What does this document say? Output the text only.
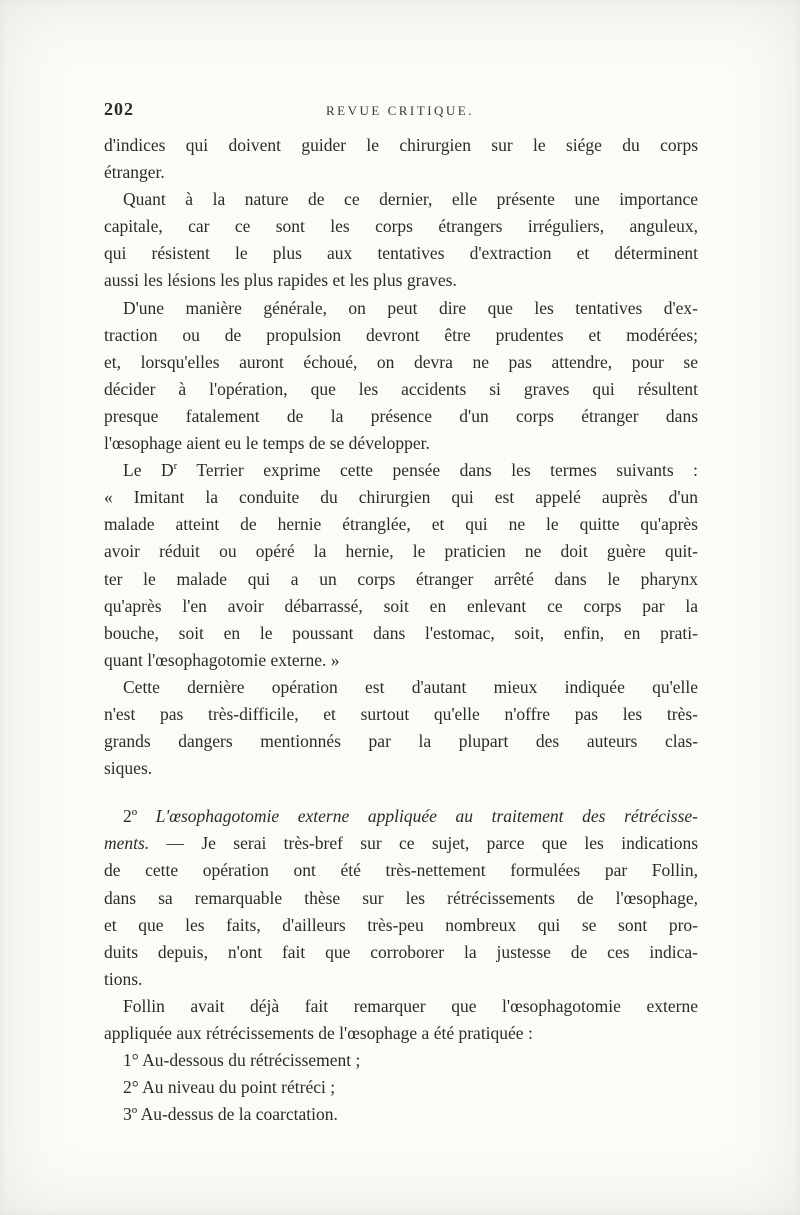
202	REVUE CRITIQUE.
d'indices qui doivent guider le chirurgien sur le siége du corps
étranger.
Quant à la nature de ce dernier, elle présente une importance
capitale, car ce sont les corps étrangers irréguliers, anguleux,
qui résistent le plus aux tentatives d'extraction et déterminent
aussi les lésions les plus rapides et les plus graves.
D'une manière générale, on peut dire que les tentatives d'ex-
traction ou de propulsion devront être prudentes et modérées;
et, lorsqu'elles auront échoué, on devra ne pas attendre, pour se
décider à l'opération, que les accidents si graves qui résultent
presque fatalement de la présence d'un corps étranger dans
l'œsophage aient eu le temps de se développer.
Le $D^r$ Terrier exprime cette pensée dans les termes suivants :
« Imitant la conduite du chirurgien qui est appelé auprès d'un
malade atteint de hernie étranglée, et qui ne le quitte qu'après
avoir réduit ou opéré la hernie, le praticien ne doit guère quit-
ter le malade qui a un corps étranger arrêté dans le pharynx
qu'après l'en avoir débarrassé, soit en enlevant ce corps par la
bouche, soit en le poussant dans l'estomac, soit, enfin, en prati-
quant l'œsophagotomie externe. »
Cette dernière opération est d'autant mieux indiquée qu'elle
n'est pas très-difficile, et surtout qu'elle n'offre pas les très-
grands dangers mentionnés par la plupart des auteurs clas-
siques.
2º L'œsophagotomie externe appliquée au traitement des rétrécisse-
ments. — Je serai très-bref sur ce sujet, parce que les indications
de cette opération ont été très-nettement formulées par Follin,
dans sa remarquable thèse sur les rétrécissements de l'œsophage,
et que les faits, d'ailleurs très-peu nombreux qui se sont pro-
duits depuis, n'ont fait que corroborer la justesse de ces indica-
tions.
Follin avait déjà fait remarquer que l'œsophagotomie externe
appliquée aux rétrécissements de l'œsophage a été pratiquée :
1° Au-dessous du rétrécissement ;
2° Au niveau du point rétréci ;
3º Au-dessus de la coarctation.
